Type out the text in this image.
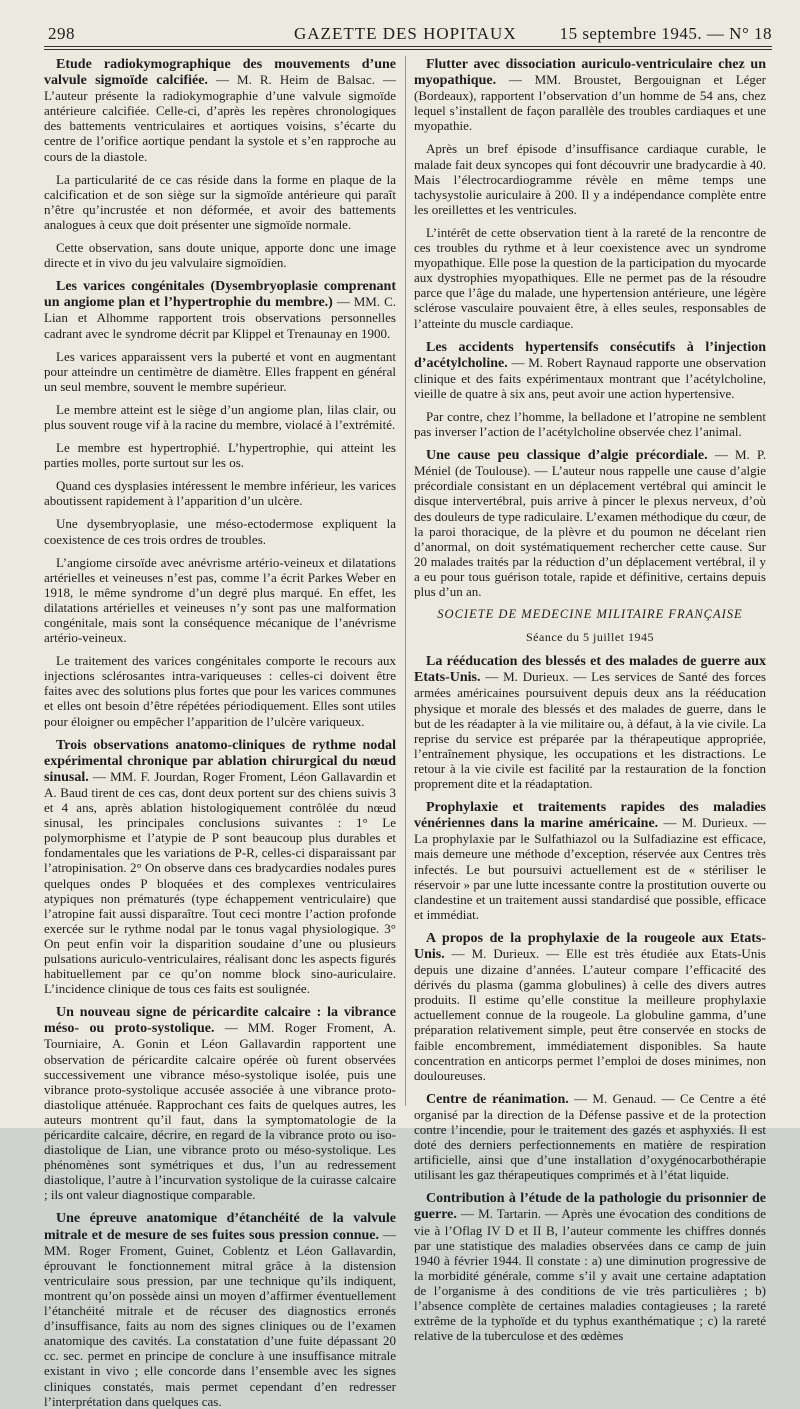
298	GAZETTE DES HOPITAUX	15 septembre 1945. — N° 18

Etude radiokymographique des mouvements d’une valvule sigmoïde calcifiée. — M. R. Heim de Balsac. — L’auteur présente la radiokymographie d’une valvule sigmoïde antérieure calcifiée. Celle-ci, d’après les repères chronologiques des battements ventriculaires et aortiques voisins, s’écarte du centre de l’orifice aortique pendant la systole et s’en rapproche au cours de la diastole.

La particularité de ce cas réside dans la forme en plaque de la calcification et de son siège sur la sigmoïde antérieure qui paraît n’être qu’incrustée et non déformée, et avoir des battements analogues à ceux que doit présenter une sigmoïde normale.

Cette observation, sans doute unique, apporte donc une image directe et in vivo du jeu valvulaire sigmoïdien.

Les varices congénitales (Dysembryoplasie comprenant un angiome plan et l’hypertrophie du membre.) — MM. C. Lian et Alhomme rapportent trois observations personnelles cadrant avec le syndrome décrit par Klippel et Trenaunay en 1900.

Les varices apparaissent vers la puberté et vont en augmentant pour atteindre un centimètre de diamètre. Elles frappent en général un seul membre, souvent le membre supérieur.

Le membre atteint est le siège d’un angiome plan, lilas clair, ou plus souvent rouge vif à la racine du membre, violacé à l’extrémité.

Le membre est hypertrophié. L’hypertrophie, qui atteint les parties molles, porte surtout sur les os.

Quand ces dysplasies intéressent le membre inférieur, les varices aboutissent rapidement à l’apparition d’un ulcère.

Une dysembryoplasie, une méso-ectodermose expliquent la coexistence de ces trois ordres de troubles.

L’angiome cirsoïde avec anévrisme artério-veineux et dilatations artérielles et veineuses n’est pas, comme l’a écrit Parkes Weber en 1918, le même syndrome d’un degré plus marqué. En effet, les dilatations artérielles et veineuses n’y sont pas une malformation congénitale, mais sont la conséquence mécanique de l’anévrisme artério-veineux.

Le traitement des varices congénitales comporte le recours aux injections sclérosantes intra-variqueuses : celles-ci doivent être faites avec des solutions plus fortes que pour les varices communes et elles ont besoin d’être répétées périodiquement. Elles sont utiles pour éloigner ou empêcher l’apparition de l’ulcère variqueux.

Trois observations anatomo-cliniques de rythme nodal expérimental chronique par ablation chirurgical du nœud sinusal. — MM. F. Jourdan, Roger Froment, Léon Gallavardin et A. Baud tirent de ces cas, dont deux portent sur des chiens suivis 3 et 4 ans, après ablation histologiquement contrôlée du nœud sinusal, les principales conclusions suivantes : 1° Le polymorphisme et l’atypie de P sont beaucoup plus durables et fondamentales que les variations de P-R, celles-ci disparaissant par l’atropinisation. 2° On observe dans ces bradycardies nodales pures quelques ondes P bloquées et des complexes ventriculaires atypiques non prématurés (type échappement ventriculaire) que l’atropine fait aussi disparaître. Tout ceci montre l’action profonde exercée sur le rythme nodal par le tonus vagal physiologique. 3° On peut enfin voir la disparition soudaine d’une ou plusieurs pulsations auriculo-ventriculaires, réalisant donc les aspects figurés habituellement par ce qu’on nomme block sino-auriculaire. L’incidence clinique de tous ces faits est soulignée.

Un nouveau signe de péricardite calcaire : la vibrance méso- ou proto-systolique. — MM. Roger Froment, A. Tourniaire, A. Gonin et Léon Gallavardin rapportent une observation de péricardite calcaire opérée où furent observées successivement une vibrance méso-systolique isolée, puis une vibrance proto-systolique accusée associée à une vibrance proto-diastolique atténuée. Rapprochant ces faits de quelques autres, les auteurs montrent qu’il faut, dans la symptomatologie de la péricardite calcaire, décrire, en regard de la vibrance proto ou iso-diastolique de Lian, une vibrance proto ou méso-systolique. Les phénomènes sont symétriques et dus, l’un au redressement diastolique, l’autre à l’incurvation systolique de la cuirasse calcaire ; ils ont valeur diagnostique comparable.

Une épreuve anatomique d’étanchéité de la valvule mitrale et de mesure de ses fuites sous pression connue. — MM. Roger Froment, Guinet, Coblentz et Léon Gallavardin, éprouvant le fonctionnement mitral grâce à la distension ventriculaire sous pression, par une technique qu’ils indiquent, montrent qu’on possède ainsi un moyen d’affirmer éventuellement l’étanchéité mitrale et de récuser des diagnostics erronés d’insuffisance, faits au nom des signes cliniques ou de l’examen anatomique des cavités. La constatation d’une fuite dépassant 20 cc. sec. permet en principe de conclure à une insuffisance mitrale existant in vivo ; elle concorde dans l’ensemble avec les signes cliniques constatés, mais permet cependant d’en redresser l’interprétation dans quelques cas.

Flutter avec dissociation auriculo-ventriculaire chez un myopathique. — MM. Broustet, Bergouignan et Léger (Bordeaux), rapportent l’observation d’un homme de 54 ans, chez lequel s’installent de façon parallèle des troubles cardiaques et une myopathie.

Après un bref épisode d’insuffisance cardiaque curable, le malade fait deux syncopes qui font découvrir une bradycardie à 40. Mais l’électrocardiogramme révèle en même temps une tachysystolie auriculaire à 200. Il y a indépendance complète entre les oreillettes et les ventricules.

L’intérêt de cette observation tient à la rareté de la rencontre de ces troubles du rythme et à leur coexistence avec un syndrome myopathique. Elle pose la question de la participation du myocarde aux dystrophies myopathiques. Elle ne permet pas de la résoudre parce que l’âge du malade, une hypertension antérieure, une légère sclérose vasculaire pouvaient être, à elles seules, responsables de l’atteinte du muscle cardiaque.

Les accidents hypertensifs consécutifs à l’injection d’acétylcholine. — M. Robert Raynaud rapporte une observation clinique et des faits expérimentaux montrant que l’acétylcholine, vieille de quatre à six ans, peut avoir une action hypertensive.

Par contre, chez l’homme, la belladone et l’atropine ne semblent pas inverser l’action de l’acétylcholine observée chez l’animal.

Une cause peu classique d’algie précordiale. — M. P. Méniel (de Toulouse). — L’auteur nous rappelle une cause d’algie précordiale consistant en un déplacement vertébral qui amincit le disque intervertébral, puis arrive à pincer le plexus nerveux, d’où des douleurs de type radiculaire. L’examen méthodique du cœur, de la paroi thoracique, de la plèvre et du poumon ne décelant rien d’anormal, on doit systématiquement rechercher cette cause. Sur 20 malades traités par la réduction d’un déplacement vertébral, il y a eu pour tous guérison totale, rapide et définitive, certains depuis plus d’un an.

SOCIETE DE MEDECINE MILITAIRE FRANÇAISE

Séance du 5 juillet 1945

La rééducation des blessés et des malades de guerre aux Etats-Unis. — M. Durieux. — Les services de Santé des forces armées américaines poursuivent depuis deux ans la rééducation physique et morale des blessés et des malades de guerre, dans le but de les réadapter à la vie militaire ou, à défaut, à la vie civile. La reprise du service est préparée par la thérapeutique appropriée, l’entraînement physique, les occupations et les distractions. Le retour à la vie civile est facilité par la restauration de la fonction proprement dite et la réadaptation.

Prophylaxie et traitements rapides des maladies vénériennes dans la marine américaine. — M. Durieux. — La prophylaxie par le Sulfathiazol ou la Sulfadiazine est efficace, mais demeure une méthode d’exception, réservée aux Centres très infectés. Le but poursuivi actuellement est de « stériliser le réservoir » par une lutte incessante contre la prostitution ouverte ou clandestine et un traitement aussi standardisé que possible, efficace et immédiat.

A propos de la prophylaxie de la rougeole aux Etats-Unis. — M. Durieux. — Elle est très étudiée aux Etats-Unis depuis une dizaine d’années. L’auteur compare l’efficacité des dérivés du plasma (gamma globulines) à celle des divers autres produits. Il estime qu’elle constitue la meilleure prophylaxie actuellement connue de la rougeole. La globuline gamma, d’une préparation relativement simple, peut être conservée en stocks de faible encombrement, immédiatement disponibles. Sa haute concentration en anticorps permet l’emploi de doses minimes, non douloureuses.

Centre de réanimation. — M. Genaud. — Ce Centre a été organisé par la direction de la Défense passive et de la protection contre l’incendie, pour le traitement des gazés et asphyxiés. Il est doté des derniers perfectionnements en matière de respiration artificielle, ainsi que d’une installation d’oxygénocarbothérapie utilisant les gaz thérapeutiques comprimés et à l’état liquide.

Contribution à l’étude de la pathologie du prisonnier de guerre. — M. Tartarin. — Après une évocation des conditions de vie à l’Oflag IV D et II B, l’auteur commente les chiffres donnés par une statistique des maladies observées dans ce camp de juin 1940 à février 1944. Il constate : a) une diminution progressive de la morbidité générale, comme s’il y avait une certaine adaptation de l’organisme à des conditions de vie très particulières ; b) l’absence complète de certaines maladies contagieuses ; la rareté extrême de la typhoïde et du typhus exanthématique ; c) la rareté relative de la tuberculose et des œdèmes
